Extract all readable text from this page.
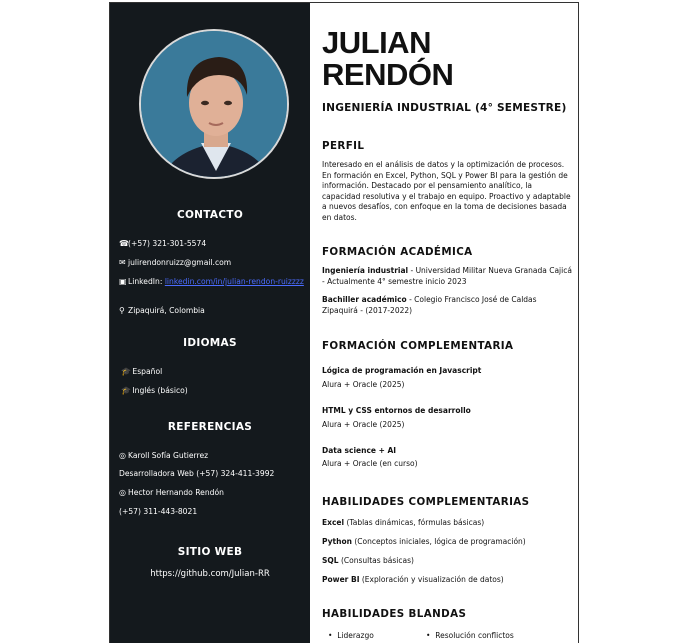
CONTACTO
☎(+57) 321-301-5574
✉ julirendonruizz@gmail.com
▣LinkedIn: linkedin.com/in/julian-rendon-ruizzzz
⚲ Zipaquirá, Colombia
IDIOMAS
🎓 Español
🎓 Inglés (básico)
REFERENCIAS
◎ Karoll Sofía Gutierrez
Desarrolladora Web (+57) 324-411-3992
◎ Hector Hernando Rendón
(+57) 311-443-8021
SITIO WEB
https://github.com/Julian-RR
JULIAN
RENDÓN
INGENIERÍA INDUSTRIAL (4° SEMESTRE)
PERFIL
Interesado en el análisis de datos y la optimización de procesos. En formación en Excel, Python, SQL y Power BI para la gestión de información. Destacado por el pensamiento analítico, la capacidad resolutiva y el trabajo en equipo. Proactivo y adaptable a nuevos desafíos, con enfoque en la toma de decisiones basada en datos.
FORMACIÓN ACADÉMICA
Ingeniería industrial - Universidad Militar Nueva Granada Cajicá - Actualmente 4° semestre inicio 2023
Bachiller académico - Colegio Francisco José de Caldas Zipaquirá - (2017-2022)
FORMACIÓN COMPLEMENTARIA
Lógica de programación en Javascript
Alura + Oracle (2025)
HTML y CSS entornos de desarrollo
Alura + Oracle (2025)
Data science + AI
Alura + Oracle (en curso)
HABILIDADES COMPLEMENTARIAS
Excel (Tablas dinámicas, fórmulas básicas)
Python (Conceptos iniciales, lógica de programación)
SQL (Consultas básicas)
Power BI (Exploración y visualización de datos)
HABILIDADES BLANDAS
• Liderazgo	• Resolución conflictos
